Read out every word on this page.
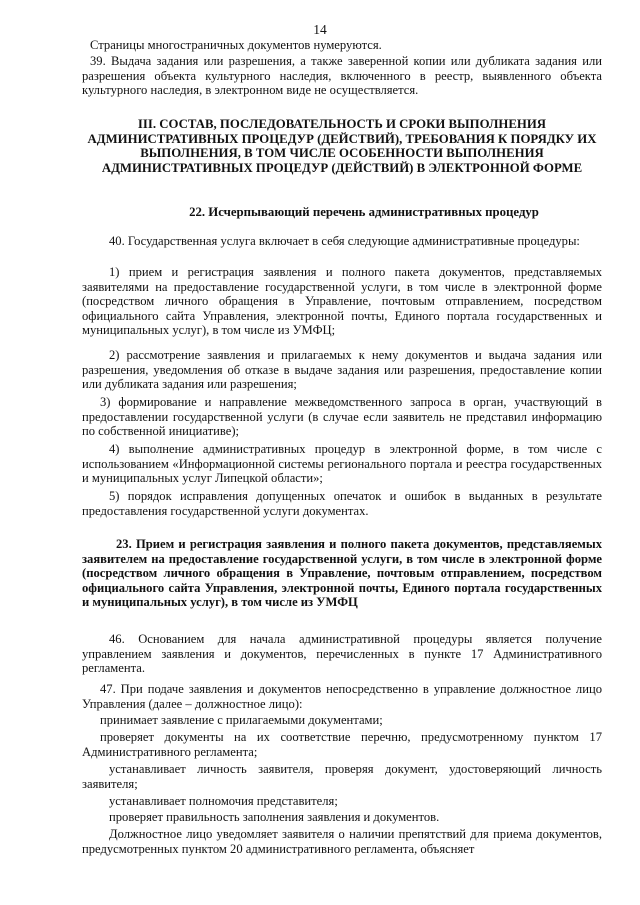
14

Страницы многостраничных документов нумеруются.

39. Выдача задания или разрешения, а также заверенной копии или дубликата задания или разрешения объекта культурного наследия, включенного в реестр, выявленного объекта культурного наследия, в электронном виде не осуществляется.

III. СОСТАВ, ПОСЛЕДОВАТЕЛЬНОСТЬ И СРОКИ ВЫПОЛНЕНИЯ АДМИНИСТРАТИВНЫХ ПРОЦЕДУР (ДЕЙСТВИЙ), ТРЕБОВАНИЯ К ПОРЯДКУ ИХ ВЫПОЛНЕНИЯ, В ТОМ ЧИСЛЕ ОСОБЕННОСТИ ВЫПОЛНЕНИЯ АДМИНИСТРАТИВНЫХ ПРОЦЕДУР (ДЕЙСТВИЙ) В ЭЛЕКТРОННОЙ ФОРМЕ

22. Исчерпывающий перечень административных процедур

40. Государственная услуга включает в себя следующие административные процедуры:

1) прием и регистрация заявления и полного пакета документов, представляемых заявителями на предоставление государственной услуги, в том числе в электронной форме (посредством личного обращения в Управление, почтовым отправлением, посредством официального сайта Управления, электронной почты, Единого портала государственных и муниципальных услуг), в том числе из УМФЦ;

2) рассмотрение заявления и прилагаемых к нему документов и выдача задания или разрешения, уведомления об отказе в выдаче задания или разрешения, предоставление копии или дубликата задания или разрешения;

3) формирование и направление межведомственного запроса в орган, участвующий в предоставлении государственной услуги (в случае если заявитель не представил информацию по собственной инициативе);

4) выполнение административных процедур в электронной форме, в том числе с использованием «Информационной системы регионального портала и реестра государственных и муниципальных услуг Липецкой области»;

5) порядок исправления допущенных опечаток и ошибок в выданных в результате предоставления государственной услуги документах.

23. Прием и регистрация заявления и полного пакета документов, представляемых заявителем на предоставление государственной услуги, в том числе в электронной форме (посредством личного обращения в Управление, почтовым отправлением, посредством официального сайта Управления, электронной почты, Единого портала государственных и муниципальных услуг), в том числе из УМФЦ

46. Основанием для начала административной процедуры является получение управлением заявления и документов, перечисленных в пункте 17 Административного регламента.

47. При подаче заявления и документов непосредственно в управление должностное лицо Управления (далее – должностное лицо):

принимает заявление с прилагаемыми документами;

проверяет документы на их соответствие перечню, предусмотренному пунктом 17 Административного регламента;

устанавливает личность заявителя, проверяя документ, удостоверяющий личность заявителя;

устанавливает полномочия представителя;

проверяет правильность заполнения заявления и документов.

Должностное лицо уведомляет заявителя о наличии препятствий для приема документов, предусмотренных пунктом 20 административного регламента, объясняет
